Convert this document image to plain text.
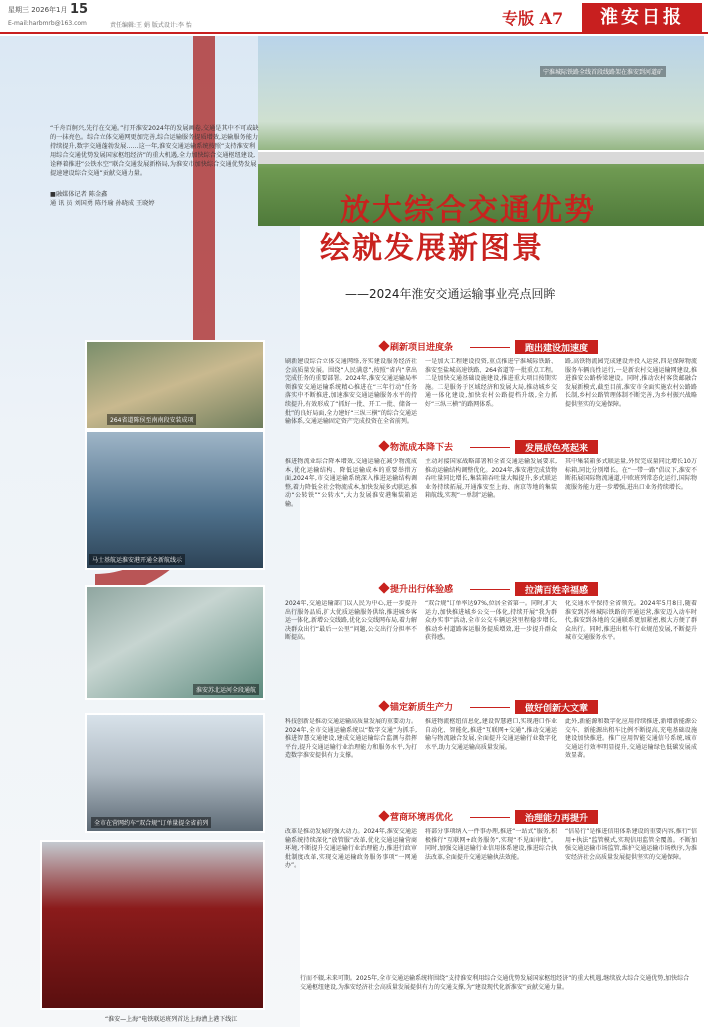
星期三 2026年1月 15
E-mail:harbmrb@163.com	责任编辑:王 娟 版式设计:李 怡	专版 A7	淮安日报
宁淮城际铁路全线首段线路架在淮安到河道矿
“千舟百舸兴,先行在交通。”打开淮安2024年的发展画卷,交通是其中不可或缺的一抹亮色。综合立体交通网更加完善,综合运输服务提质增效,运输服务能力持续提升,数字交通蓬勃发展……这一年,淮安交通运输系统按照“支持淮安利用综合交通优势发展国家枢纽经济”的重大机遇,全力加快综合交通枢纽建设,诠释着推进“公铁水空”联合交通发展新格局,为淮安市加快综合交通优势发展提速建设综合交通”贡献交通力量。
■融媒体记者 陈金鑫
通 讯 员 刘国勇 陈丹瑜 孙晓成 王晓婷	放大综合交通优势
绘就发展新图景
——2024年淮安交通运输事业亮点回眸
264省道陈侯至南南段安装成项
马士基航运淮安港开通全新航线示
淮安苏北运河全段通航
全市在营网约车“双合规”订单量提全省前列
“淮安—上海”电铁联运班列首达上海漕上港下线江
刷新项目进度条	跑出建设加速度
刷新建设综合立体交通网络,夯实建设服务经济社会高质量发展。围绕“人民满意”,按照“省内“拿出完成任务的重要部署。2024年,淮安交通运输局率领淮安交通运输系统精心推进在“三年行动”任务落实中不断推进,加速淮安交通运输服务水平的持续提升,有效形成了“抓好一批、开工一批、储备一批”的良好局面,全力建好“三纵三横”的综合交通运输体系,交通运输固定资产完成投资在全省前列。
一是加大工程建设投资,重点推进宁淮城际铁路、淮安至盐城高速铁路、264省道等一批重点工程。二是加快交通基础设施建设,推进重大项目按期实施。二是服务于区域经济和发展大局,推动城乡交通一体化建设,加快农村公路提档升级,全力抓好“三纵三横”的路网体系。
路,高铁物流园完成建设并投入运营,四是保障物流服务车辆良性运行,一是新农村交通运输网建设,推进淮安公路桥梁建设。同时,推动农村客货邮融合发展新模式,截至目前,淮安市全面实施农村公路路长制,乡村公路管理体制不断完善,为乡村振兴战略提供坚实的交通保障。
物流成本降下去	发展成色亮起来
推进物流业综合降本增效,交通运输在减少物流成本,优化运输结构、降低运输成本的重要举措方面,2024年,市交通运输系统深入推进运输结构调整,着力降低全社会物流成本,加快发展多式联运,推动“公转铁”“公转水”,大力发展淮安港集装箱运输。
主动对接国家战略部署和全省交通运输发展要求,推动运输结构调整优化。2024年,淮安港完成货物吞吐量同比增长,集装箱吞吐量大幅提升,多式联运业务持续拓展,开通淮安至上海、南京等地的集装箱航线,实现“一单制”运输。
其中集装箱多式联运量,外贸完成量同比增长10万标箱,同比分别增长。在“一带一路”倡议下,淮安不断拓展国际物流通道,中欧班列常态化运行,国际物流服务能力进一步增强,进出口业务持续增长。
提升出行体验感	拉满百姓幸福感
2024年,交通运输部门以人民为中心,进一步提升出行服务品质,扩大优质运输服务供给,推进城乡客运一体化,新增公交线路,优化公交线网布局,着力解决群众出行“最后一公里”问题,公交出行分担率不断提高。
“双合规”订单率达97%,位居全省第一。同时,扩大运力,加快推进城乡公交一体化,持续开展“我为群众办实事”活动,全市公交车辆运营里程稳步增长,推动乡村道路客运服务提质增效,进一步提升群众获得感。
化交通水平保持全省领先。2024年5月8日,随着淮安到苏州城际铁路的开通运营,淮安迈入动车时代,淮安到各地的交通联系更加紧密,极大方便了群众出行。同时,推进出租车行业规范发展,不断提升城市交通服务水平。
锚定新质生产力	做好创新大文章
科技创新是推动交通运输高质量发展的重要动力。2024年,全市交通运输系统以“数字交通”为抓手,推进智慧交通建设,建成交通运输综合监测与指挥平台,提升交通运输行业治理能力和服务水平,为打造数字淮安提供有力支撑。
推进物流枢纽信息化,建设智慧港口,实现港口作业自动化、智能化,推进“互联网+交通”,推动交通运输与物流融合发展,全面提升交通运输行业数字化水平,助力交通运输高质量发展。
此外,新能源和数字化应用持续推进,新增新能源公交车、新能源出租车比例不断提高,充电基础设施建设加快推进。推广应用智能交通信号系统,城市交通运行效率明显提升,交通运输绿色低碳发展成效显著。
营商环境再优化	治理能力再提升
改革是推动发展的强大动力。2024年,淮安交通运输系统持续深化“放管服”改革,优化交通运输营商环境,不断提升交通运输行业治理能力,推进行政审批制度改革,实现交通运输政务服务事项“一网通办”。
将部分事项纳入一件事办理,推进“一站式”服务,积极推行“互联网+政务服务”,实现“不见面审批”。同时,加强交通运输行业信用体系建设,推进综合执法改革,全面提升交通运输执法效能。
“信易行”是推进信用体系建设的重要内容,推行“信用+执法”监管模式,实现信用监管全覆盖。不断加强交通运输市场监管,维护交通运输市场秩序,为淮安经济社会高质量发展提供坚实的交通保障。
行而不辍,未来可期。2025年,全市交通运输系统将围绕“支持淮安利用综合交通优势发展国家枢纽经济”的重大机遇,继续放大综合交通优势,加快综合交通枢纽建设,为淮安经济社会高质量发展提供有力的交通支撑,为“建设现代化新淮安”贡献交通力量。
